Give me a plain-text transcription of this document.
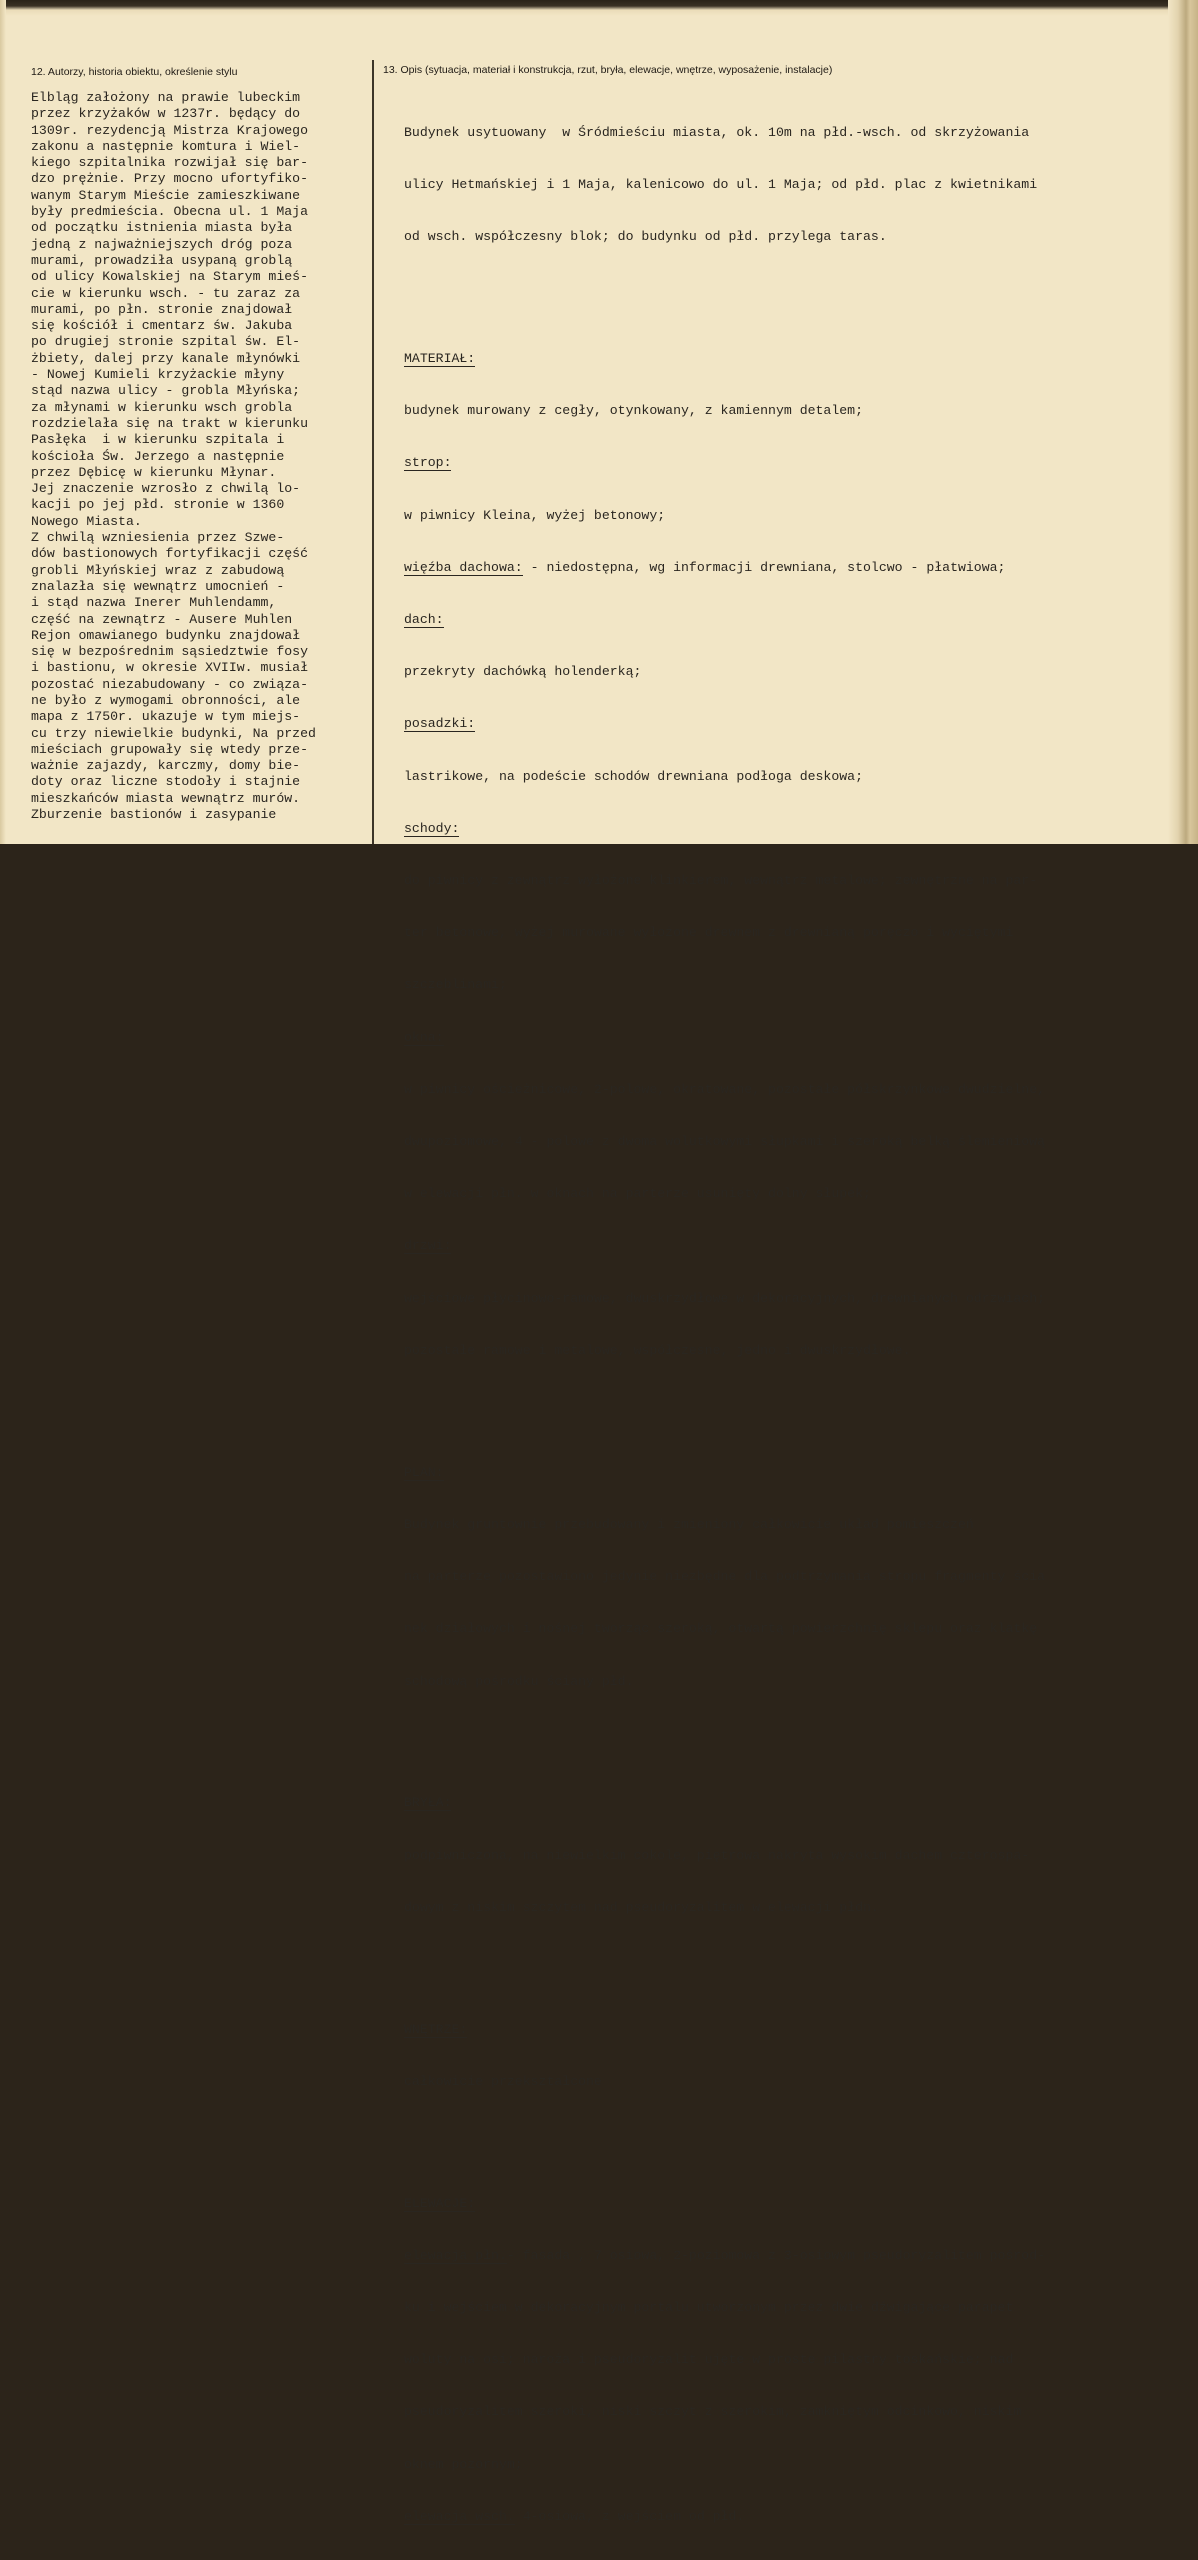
12. Autorzy, historia obiektu, określenie stylu	13. Opis (sytuacja, materiał i konstrukcja, rzut, bryła, elewacje, wnętrze, wyposażenie, instalacje)
Elbląg założony na prawie lubeckim
przez krzyżaków w 1237r. będący do
1309r. rezydencją Mistrza Krajowego
zakonu a następnie komtura i Wiel-
kiego szpitalnika rozwijał się bar-
dzo prężnie. Przy mocno ufortyfiko-
wanym Starym Mieście zamieszkiwane
były predmieścia. Obecna ul. 1 Maja
od początku istnienia miasta była
jedną z najważniejszych dróg poza
murami, prowadziła usypaną groblą
od ulicy Kowalskiej na Starym mieś-
cie w kierunku wsch. - tu zaraz za
murami, po płn. stronie znajdował
się kościół i cmentarz św. Jakuba
po drugiej stronie szpital św. El-
żbiety, dalej przy kanale młynówki
- Nowej Kumieli krzyżackie młyny
stąd nazwa ulicy - grobla Młyńska;
za młynami w kierunku wsch grobla
rozdzielała się na trakt w kierunku
Pasłęka  i w kierunku szpitala i
kościoła Św. Jerzego a następnie
przez Dębicę w kierunku Młynar.
Jej znaczenie wzrosło z chwilą lo-
kacji po jej płd. stronie w 1360
Nowego Miasta.
Z chwilą wzniesienia przez Szwe-
dów bastionowych fortyfikacji część
grobli Młyńskiej wraz z zabudową
znalazła się wewnątrz umocnień -
i stąd nazwa Inerer Muhlendamm,
część na zewnątrz - Ausere Muhlen
Rejon omawianego budynku znajdował
się w bezpośrednim sąsiedztwie fosy
i bastionu, w okresie XVIIw. musiał
pozostać niezabudowany - co związa-
ne było z wymogami obronności, ale
mapa z 1750r. ukazuje w tym miejs-
cu trzy niewielkie budynki, Na przed
mieściach grupowały się wtedy prze-
ważnie zajazdy, karczmy, domy bie-
doty oraz liczne stodoły i stajnie
mieszkańców miasta wewnątrz murów.
Zburzenie bastionów i zasypanie

Budynek usytuowany  w Śródmieściu miasta, ok. 10m na płd.-wsch. od skrzyżowania

ulicy Hetmańskiej i 1 Maja, kalenicowo do ul. 1 Maja; od płd. plac z kwietnikami

od wsch. współczesny blok; do budynku od płd. przylega taras.

MATERIAŁ:

budynek murowany z cegły, otynkowany, z kamiennym detalem;

strop:

w piwnicy Kleina, wyżej betonowy;

więźba dachowa: - niedostępna, wg informacji drewniana, stolcwo - płatwiowa;

dach:

przekryty dachówką holenderką;

posadzki:

lastrikowe, na podeście schodów drewniana podłoga deskowa;

schody:

do piwnicy z zewnątrz wyłożone klinkierem, wewnątrz metalowe; zewnętrzne na par-

ter betonowe, wyżej murowane wyłożone drewnem z drewnianą poręczo i wyciętymi

szczeblinami;

okna:

w piwnicy ościeżnicowe, 2-polowe, okratowane, pozostałe półskrzynkowe dwudzielne,

dwupoziomowe, 4 - polowe z dwoma wolutkowymi słupkami i szeroką belką ślemieniową

w elewacji płn. w oknach na parterze usunięty dolny słupek;

drzwi:

wejściowe płycinowo-ramowe, dwuskrzydłowe w dekoracyjnych, drewnianych odrzwiach;

pozostałe ramowe i metalowe, współczesne, jedno i dwuskrzydłowe.

PLAN:

Budynek gruntownie przebudowany i zmieniony całkowicie układ pomieszczeń

na parterze pozostawiono jedynie niezbędne dla podtrzymania stropu fragmenty ścia

nek działowych i nośnej tworząc szeroką, otwartą powierzchnię sklepu oraz klatkę

schodową pośrodku ściany płd.

BRYŁA:

podpiwniczona, na niewielkim cokole, piętrowa nakryta wysokim dachem czterospa-

dowym z niskim szczytem nad pseudoryzalitem w elewacji płdn.

WNĘTRZE:

całkowicie przekształcone

ELEWACJE:

elewacja płn.- fasada , 7 osiowa, 2-poziomowa z 3-osiowym pseudoryzalitem pośrod-

ku i wejściem w dekoracyjnym portalu utworzonym przez dwie dźwigające parapet

woluty na osi; naroża i pseudoryzalit ujęte w proste pilastry toskańskie; nad

pseudoryzalitem szeroki, niski szczyt z szerokim, zamkniętym odcinkowo, niskim

oknem pozornym;

elewacja wsch. 4-osiowa, z wejściem od płd.
